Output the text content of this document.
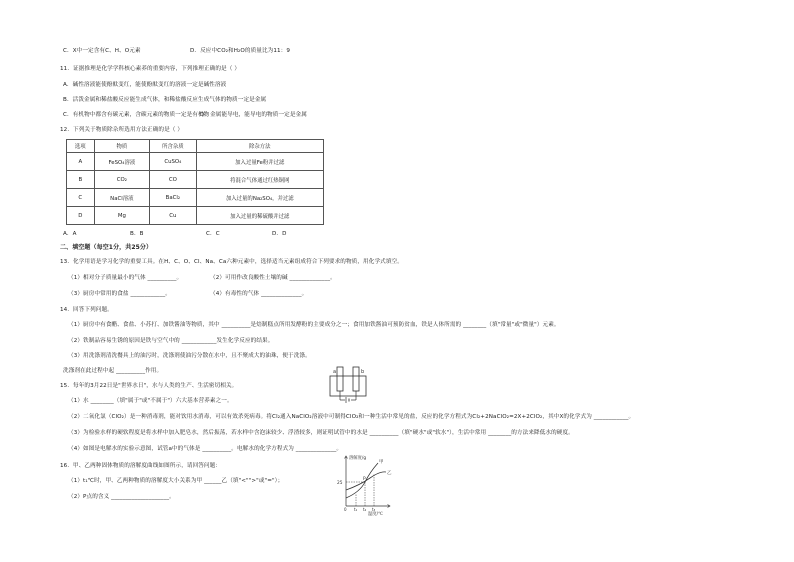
C．X中一定含有C、H、O元素	D．反应中CO₂和H₂O的质量比为11：9
11．证据推理是化学学科核心素养的重要内容，下列推理正确的是（ ）
A．碱性溶液能使酚酞变红，能使酚酞变红的溶液一定是碱性溶液
B．活泼金属和稀盐酸反应能生成气体，和稀盐酸反应生成气体的物质一定是金属
C．有机物中都含有碳元素，含碳元素的物质一定是有机物
D．金属能导电，能导电的物质一定是金属
12．下列关于物质除杂所选用方法正确的是（ ）
选项	物质	所含杂质	除杂方法
A	FeSO₄溶液	CuSO₄	加入过量Fe粉并过滤
B	CO₂	CO	将混合气体通过红热铜网
C	NaCl溶液	BaCl₂	加入过量的Na₂SO₄，并过滤
D	Mg	Cu	加入过量的稀硫酸并过滤
A．A	B．B	C．C	D．D
二、填空题（每空1分，共25分）
13．化学用语是学习化学的重要工具。在H、C、O、Cl、Na、Ca六种元素中，选择适当元素组成符合下列要求的物质，用化学式填空。
（1）相对分子质量最小的气体 __________。	（2）可用作改良酸性土壤的碱 ______________。
（3）厨房中常用的食盐 ____________。	（4）有毒性的气体 ______________。
14．回答下列问题。
（1）厨房中有食醋、食盐、小苏打、加铁酱油等物质，其中 __________是焙制糕点所用发酵粉的主要成分之一；食用加铁酱油可预防贫血，铁是人体所需的 ________（填"常量"或"微量"）元素。
（2）铁制品容易生锈的原因是铁与空气中的 ____________发生化学反应的结果。
（3）用洗涤剂清洗餐具上的油污时，洗涤剂使油污分散在水中，且不聚成大的油珠，便于洗涤。
洗涤剂在此过程中起 __________作用。
15．每年的3月22日是"世界水日"，水与人类的生产、生活密切相关。
a	b
（1）水 ________（填"属于"或"不属于"）六大基本营养素之一。
（2）二氧化氯（ClO₂）是一种消毒剂，能对饮用水消毒，可以有效杀死病毒。将Cl₂通入NaClO₂溶液中可制得ClO₂和一种生活中常见的盐，反应的化学方程式为Cl₂+2NaClO₂=2X+2ClO₂，其中X的化学式为 ____________。
（3）为检验水样的硬软程度是将水样中加入肥皂水，然后振荡，若水样中含泡沫较少、浮渣较多，则证明试管中的水是 __________（填"硬水"或"软水"），生活中常用 ________的方法来降低水的硬度。
（4）如图是电解水的实验示意图，试管a中的气体是 __________。电解水的化学方程式为 ______________。
16．甲、乙两种固体物质的溶解度曲线如图所示，请回答问题：
（1）t₁℃时，甲、乙两种物质的溶解度大小关系为甲 ______乙（填"<"">"或"="）；
（2）P点的含义 ____________________。
溶解度/g
温度/℃
甲
乙
P
25
0 t₁ t₂ t₃
